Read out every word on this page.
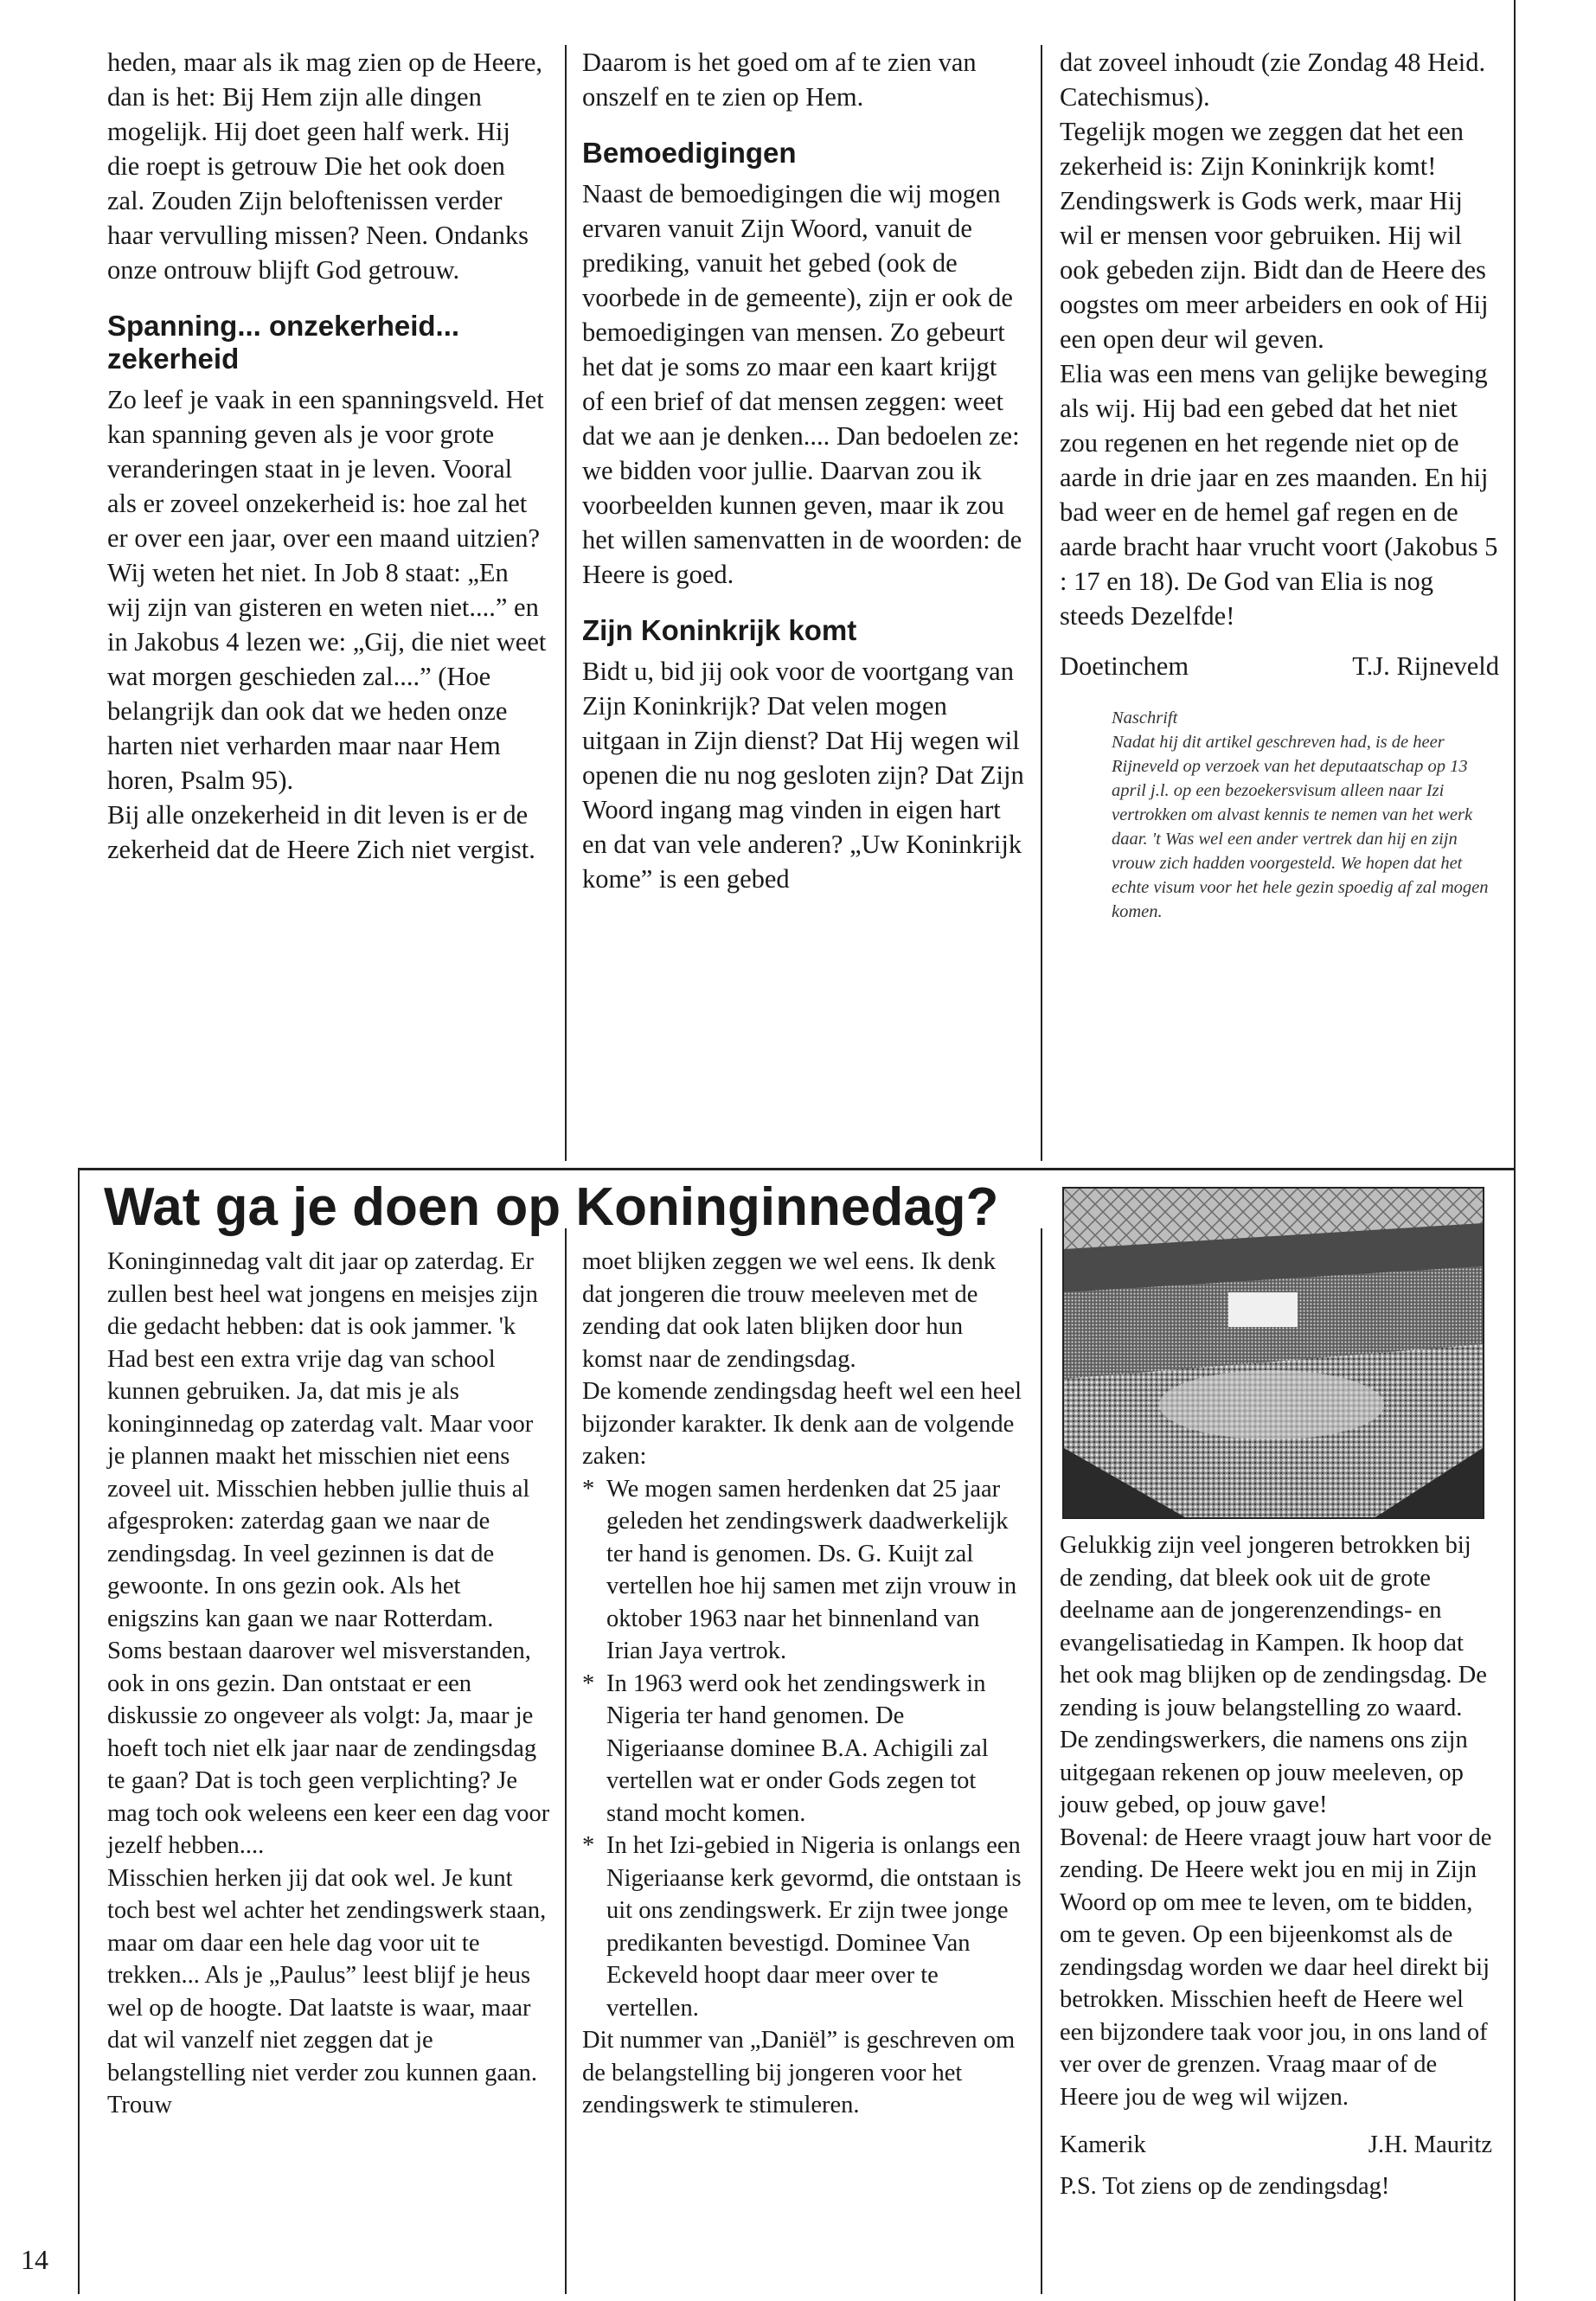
heden, maar als ik mag zien op de Heere, dan is het: Bij Hem zijn alle dingen mogelijk. Hij doet geen half werk. Hij die roept is getrouw Die het ook doen zal. Zouden Zijn beloftenissen verder haar vervulling missen? Neen. Ondanks onze ontrouw blijft God getrouw.

Spanning... onzekerheid... zekerheid

Zo leef je vaak in een spanningsveld. Het kan spanning geven als je voor grote veranderingen staat in je leven. Vooral als er zoveel onzekerheid is: hoe zal het er over een jaar, over een maand uitzien? Wij weten het niet. In Job 8 staat: „En wij zijn van gisteren en weten niet....” en in Jakobus 4 lezen we: „Gij, die niet weet wat morgen geschieden zal....” (Hoe belangrijk dan ook dat we heden onze harten niet verharden maar naar Hem horen, Psalm 95).

Bij alle onzekerheid in dit leven is er de zekerheid dat de Heere Zich niet vergist.

Daarom is het goed om af te zien van onszelf en te zien op Hem.

Bemoedigingen

Naast de bemoedigingen die wij mogen ervaren vanuit Zijn Woord, vanuit de prediking, vanuit het gebed (ook de voorbede in de gemeente), zijn er ook de bemoedigingen van mensen. Zo gebeurt het dat je soms zo maar een kaart krijgt of een brief of dat mensen zeggen: weet dat we aan je denken.... Dan bedoelen ze: we bidden voor jullie. Daarvan zou ik voorbeelden kunnen geven, maar ik zou het willen samenvatten in de woorden: de Heere is goed.

Zijn Koninkrijk komt

Bidt u, bid jij ook voor de voortgang van Zijn Koninkrijk? Dat velen mogen uitgaan in Zijn dienst? Dat Hij wegen wil openen die nu nog gesloten zijn? Dat Zijn Woord ingang mag vinden in eigen hart en dat van vele anderen? „Uw Koninkrijk kome” is een gebed

dat zoveel inhoudt (zie Zondag 48 Heid. Catechismus).

Tegelijk mogen we zeggen dat het een zekerheid is: Zijn Koninkrijk komt!

Zendingswerk is Gods werk, maar Hij wil er mensen voor gebruiken. Hij wil ook gebeden zijn. Bidt dan de Heere des oogstes om meer arbeiders en ook of Hij een open deur wil geven.

Elia was een mens van gelijke beweging als wij. Hij bad een gebed dat het niet zou regenen en het regende niet op de aarde in drie jaar en zes maanden. En hij bad weer en de hemel gaf regen en de aarde bracht haar vrucht voort (Jakobus 5 : 17 en 18). De God van Elia is nog steeds Dezelfde!

Doetinchem	T.J. Rijneveld
Naschrift
Nadat hij dit artikel geschreven had, is de heer Rijneveld op verzoek van het deputaatschap op 13 april j.l. op een bezoekersvisum alleen naar Izi vertrokken om alvast kennis te nemen van het werk daar. 't Was wel een ander vertrek dan hij en zijn vrouw zich hadden voorgesteld. We hopen dat het echte visum voor het hele gezin spoedig af zal mogen komen.
Wat ga je doen op Koninginnedag?

Koninginnedag valt dit jaar op zaterdag. Er zullen best heel wat jongens en meisjes zijn die gedacht hebben: dat is ook jammer. 'k Had best een extra vrije dag van school kunnen gebruiken. Ja, dat mis je als koninginnedag op zaterdag valt. Maar voor je plannen maakt het misschien niet eens zoveel uit. Misschien hebben jullie thuis al afgesproken: zaterdag gaan we naar de zendingsdag. In veel gezinnen is dat de gewoonte. In ons gezin ook. Als het enigszins kan gaan we naar Rotterdam. Soms bestaan daarover wel misverstanden, ook in ons gezin. Dan ontstaat er een diskussie zo ongeveer als volgt: Ja, maar je hoeft toch niet elk jaar naar de zendingsdag te gaan? Dat is toch geen verplichting? Je mag toch ook weleens een keer een dag voor jezelf hebben....

Misschien herken jij dat ook wel. Je kunt toch best wel achter het zendingswerk staan, maar om daar een hele dag voor uit te trekken... Als je „Paulus” leest blijf je heus wel op de hoogte. Dat laatste is waar, maar dat wil vanzelf niet zeggen dat je belangstelling niet verder zou kunnen gaan. Trouw

moet blijken zeggen we wel eens. Ik denk dat jongeren die trouw meeleven met de zending dat ook laten blijken door hun komst naar de zendingsdag.

De komende zendingsdag heeft wel een heel bijzonder karakter. Ik denk aan de volgende zaken:

* We mogen samen herdenken dat 25 jaar geleden het zendingswerk daadwerkelijk ter hand is genomen. Ds. G. Kuijt zal vertellen hoe hij samen met zijn vrouw in oktober 1963 naar het binnenland van Irian Jaya vertrok.
* In 1963 werd ook het zendingswerk in Nigeria ter hand genomen. De Nigeriaanse dominee B.A. Achigili zal vertellen wat er onder Gods zegen tot stand mocht komen.
* In het Izi-gebied in Nigeria is onlangs een Nigeriaanse kerk gevormd, die ontstaan is uit ons zendingswerk. Er zijn twee jonge predikanten bevestigd. Dominee Van Eckeveld hoopt daar meer over te vertellen.

Dit nummer van „Daniël” is geschreven om de belangstelling bij jongeren voor het zendingswerk te stimuleren.

Gelukkig zijn veel jongeren betrokken bij de zending, dat bleek ook uit de grote deelname aan de jongerenzendings- en evangelisatiedag in Kampen. Ik hoop dat het ook mag blijken op de zendingsdag. De zending is jouw belangstelling zo waard. De zendingswerkers, die namens ons zijn uitgegaan rekenen op jouw meeleven, op jouw gebed, op jouw gave!

Bovenal: de Heere vraagt jouw hart voor de zending. De Heere wekt jou en mij in Zijn Woord op om mee te leven, om te bidden, om te geven. Op een bijeenkomst als de zendingsdag worden we daar heel direkt bij betrokken. Misschien heeft de Heere wel een bijzondere taak voor jou, in ons land of ver over de grenzen. Vraag maar of de Heere jou de weg wil wijzen.

Kamerik	J.H. Mauritz

P.S. Tot ziens op de zendingsdag!

14
